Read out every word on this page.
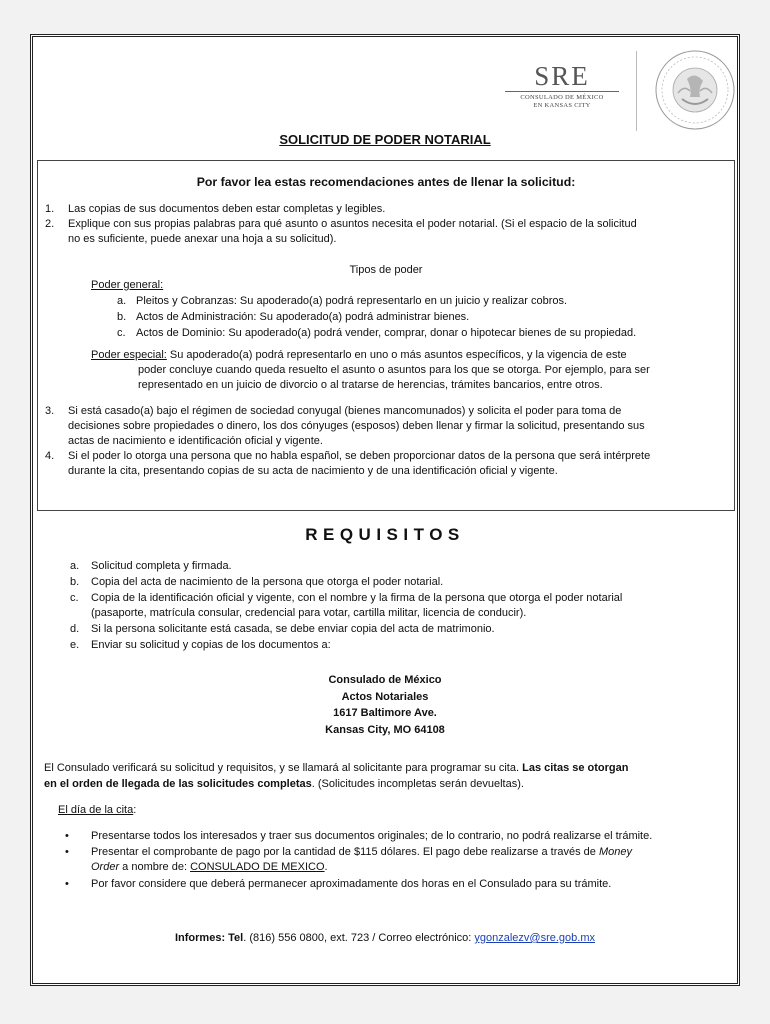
SRE
CONSULADO DE MÉXICO
EN KANSAS CITY
SOLICITUD DE PODER NOTARIAL
Por favor lea estas recomendaciones antes de llenar la solicitud:
1. Las copias de sus documentos deben estar completas y legibles.
2. Explique con sus propias palabras para qué asunto o asuntos necesita el poder notarial. (Si el espacio de la solicitud
no es suficiente, puede anexar una hoja a su solicitud).
Tipos de poder
Poder general:
a. Pleitos y Cobranzas: Su apoderado(a) podrá representarlo en un juicio y realizar cobros.
b. Actos de Administración: Su apoderado(a) podrá administrar bienes.
c. Actos de Dominio: Su apoderado(a) podrá vender, comprar, donar o hipotecar bienes de su propiedad.
Poder especial: Su apoderado(a) podrá representarlo en uno o más asuntos específicos, y la vigencia de este
poder concluye cuando queda resuelto el asunto o asuntos para los que se otorga. Por ejemplo, para ser
representado en un juicio de divorcio o al tratarse de herencias, trámites bancarios, entre otros.
3. Si está casado(a) bajo el régimen de sociedad conyugal (bienes mancomunados) y solicita el poder para toma de
decisiones sobre propiedades o dinero, los dos cónyuges (esposos) deben llenar y firmar la solicitud, presentando sus
actas de nacimiento e identificación oficial y vigente.
4. Si el poder lo otorga una persona que no habla español, se deben proporcionar datos de la persona que será intérprete
durante la cita, presentando copias de su acta de nacimiento y de una identificación oficial y vigente.
REQUISITOS
a. Solicitud completa y firmada.
b. Copia del acta de nacimiento de la persona que otorga el poder notarial.
c. Copia de la identificación oficial y vigente, con el nombre y la firma de la persona que otorga el poder notarial
(pasaporte, matrícula consular, credencial para votar, cartilla militar, licencia de conducir).
d. Si la persona solicitante está casada, se debe enviar copia del acta de matrimonio.
e. Enviar su solicitud y copias de los documentos a:
Consulado de México
Actos Notariales
1617 Baltimore Ave.
Kansas City, MO 64108
El Consulado verificará su solicitud y requisitos, y se llamará al solicitante para programar su cita. Las citas se otorgan
en el orden de llegada de las solicitudes completas. (Solicitudes incompletas serán devueltas).
El día de la cita:
• Presentarse todos los interesados y traer sus documentos originales; de lo contrario, no podrá realizarse el trámite.
• Presentar el comprobante de pago por la cantidad de $115 dólares. El pago debe realizarse a través de Money
Order a nombre de: CONSULADO DE MEXICO.
• Por favor considere que deberá permanecer aproximadamente dos horas en el Consulado para su trámite.
Informes: Tel. (816) 556 0800, ext. 723 / Correo electrónico: ygonzalezv@sre.gob.mx
